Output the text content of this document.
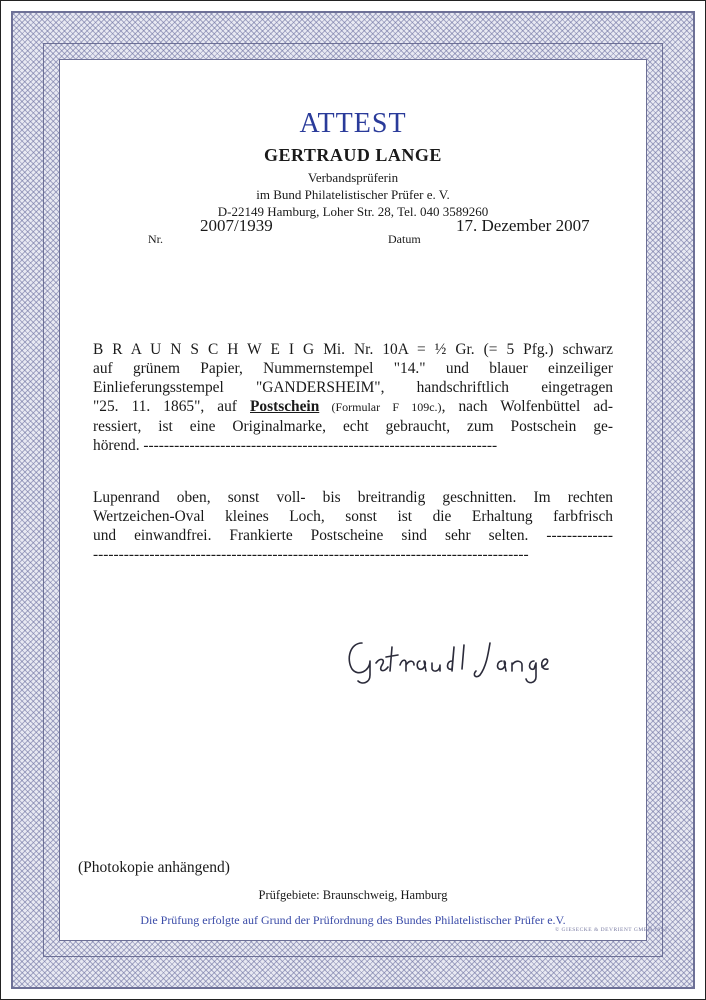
ATTEST
GERTRAUD LANGE
Verbandsprüferin
im Bund Philatelistischer Prüfer e. V.
D-22149 Hamburg, Loher Str. 28, Tel. 040 3589260
Nr.
2007/1939
Datum
17. Dezember 2007
B R A U N S C H W E I G Mi. Nr. 10A = ½ Gr. (= 5 Pfg.) schwarz
auf grünem Papier, Nummernstempel "14." und blauer einzeiliger
Einlieferungsstempel "GANDERSHEIM", handschriftlich eingetragen
"25. 11. 1865", auf Postschein (Formular F 109c.), nach Wolfenbüttel ad-
ressiert, ist eine Originalmarke, echt gebraucht, zum Postschein ge-
hörend. ---------------------------------------------------------------------
Lupenrand oben, sonst voll- bis breitrandig geschnitten. Im rechten
Wertzeichen-Oval kleines Loch, sonst ist die Erhaltung farbfrisch
und einwandfrei. Frankierte Postscheine sind sehr selten. -------------
-------------------------------------------------------------------------------------
(Photokopie anhängend)
Prüfgebiete: Braunschweig, Hamburg
Die Prüfung erfolgte auf Grund der Prüfordnung des Bundes Philatelistischer Prüfer e.V.
© GIESECKE & DEVRIENT GMBH 1993
